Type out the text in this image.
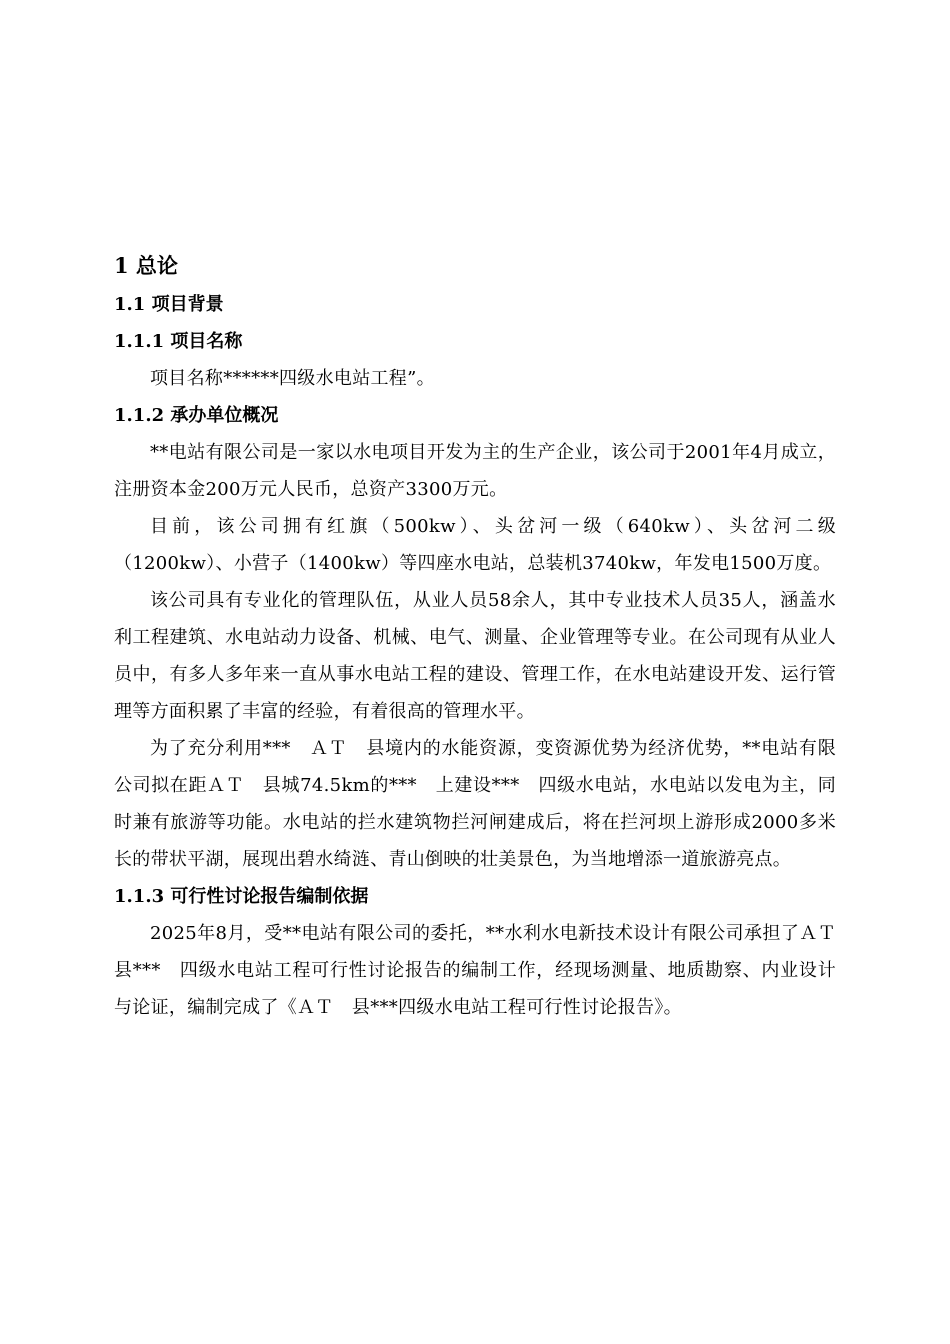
1 总论
1.1 项目背景
1.1.1 项目名称

项目名称******四级水电站工程”。

1.1.2 承办单位概况

**电站有限公司是一家以水电项目开发为主的生产企业，该公司于2001年4月成立，注册资本金200万元人民币，总资产3300万元。

目前，该公司拥有红旗（500kw）、头岔河一级（640kw）、头岔河二级（1200kw）、小营子（1400kw）等四座水电站，总装机3740kw，年发电1500万度。

该公司具有专业化的管理队伍，从业人员58余人，其中专业技术人员35人，涵盖水利工程建筑、水电站动力设备、机械、电气、测量、企业管理等专业。在公司现有从业人员中，有多人多年来一直从事水电站工程的建设、管理工作，在水电站建设开发、运行管理等方面积累了丰富的经验，有着很高的管理水平。

为了充分利用***　ＡＴ　县境内的水能资源，变资源优势为经济优势，**电站有限公司拟在距ＡＴ　县城74.5km的***　上建设***　四级水电站，水电站以发电为主，同时兼有旅游等功能。水电站的拦水建筑物拦河闸建成后，将在拦河坝上游形成2000多米长的带状平湖，展现出碧水绮涟、青山倒映的壮美景色，为当地增添一道旅游亮点。

1.1.3 可行性讨论报告编制依据

2025年8月，受**电站有限公司的委托，**水利水电新技术设计有限公司承担了ＡＴ　县***　四级水电站工程可行性讨论报告的编制工作，经现场测量、地质勘察、内业设计与论证，编制完成了《ＡＴ　县***四级水电站工程可行性讨论报告》。
